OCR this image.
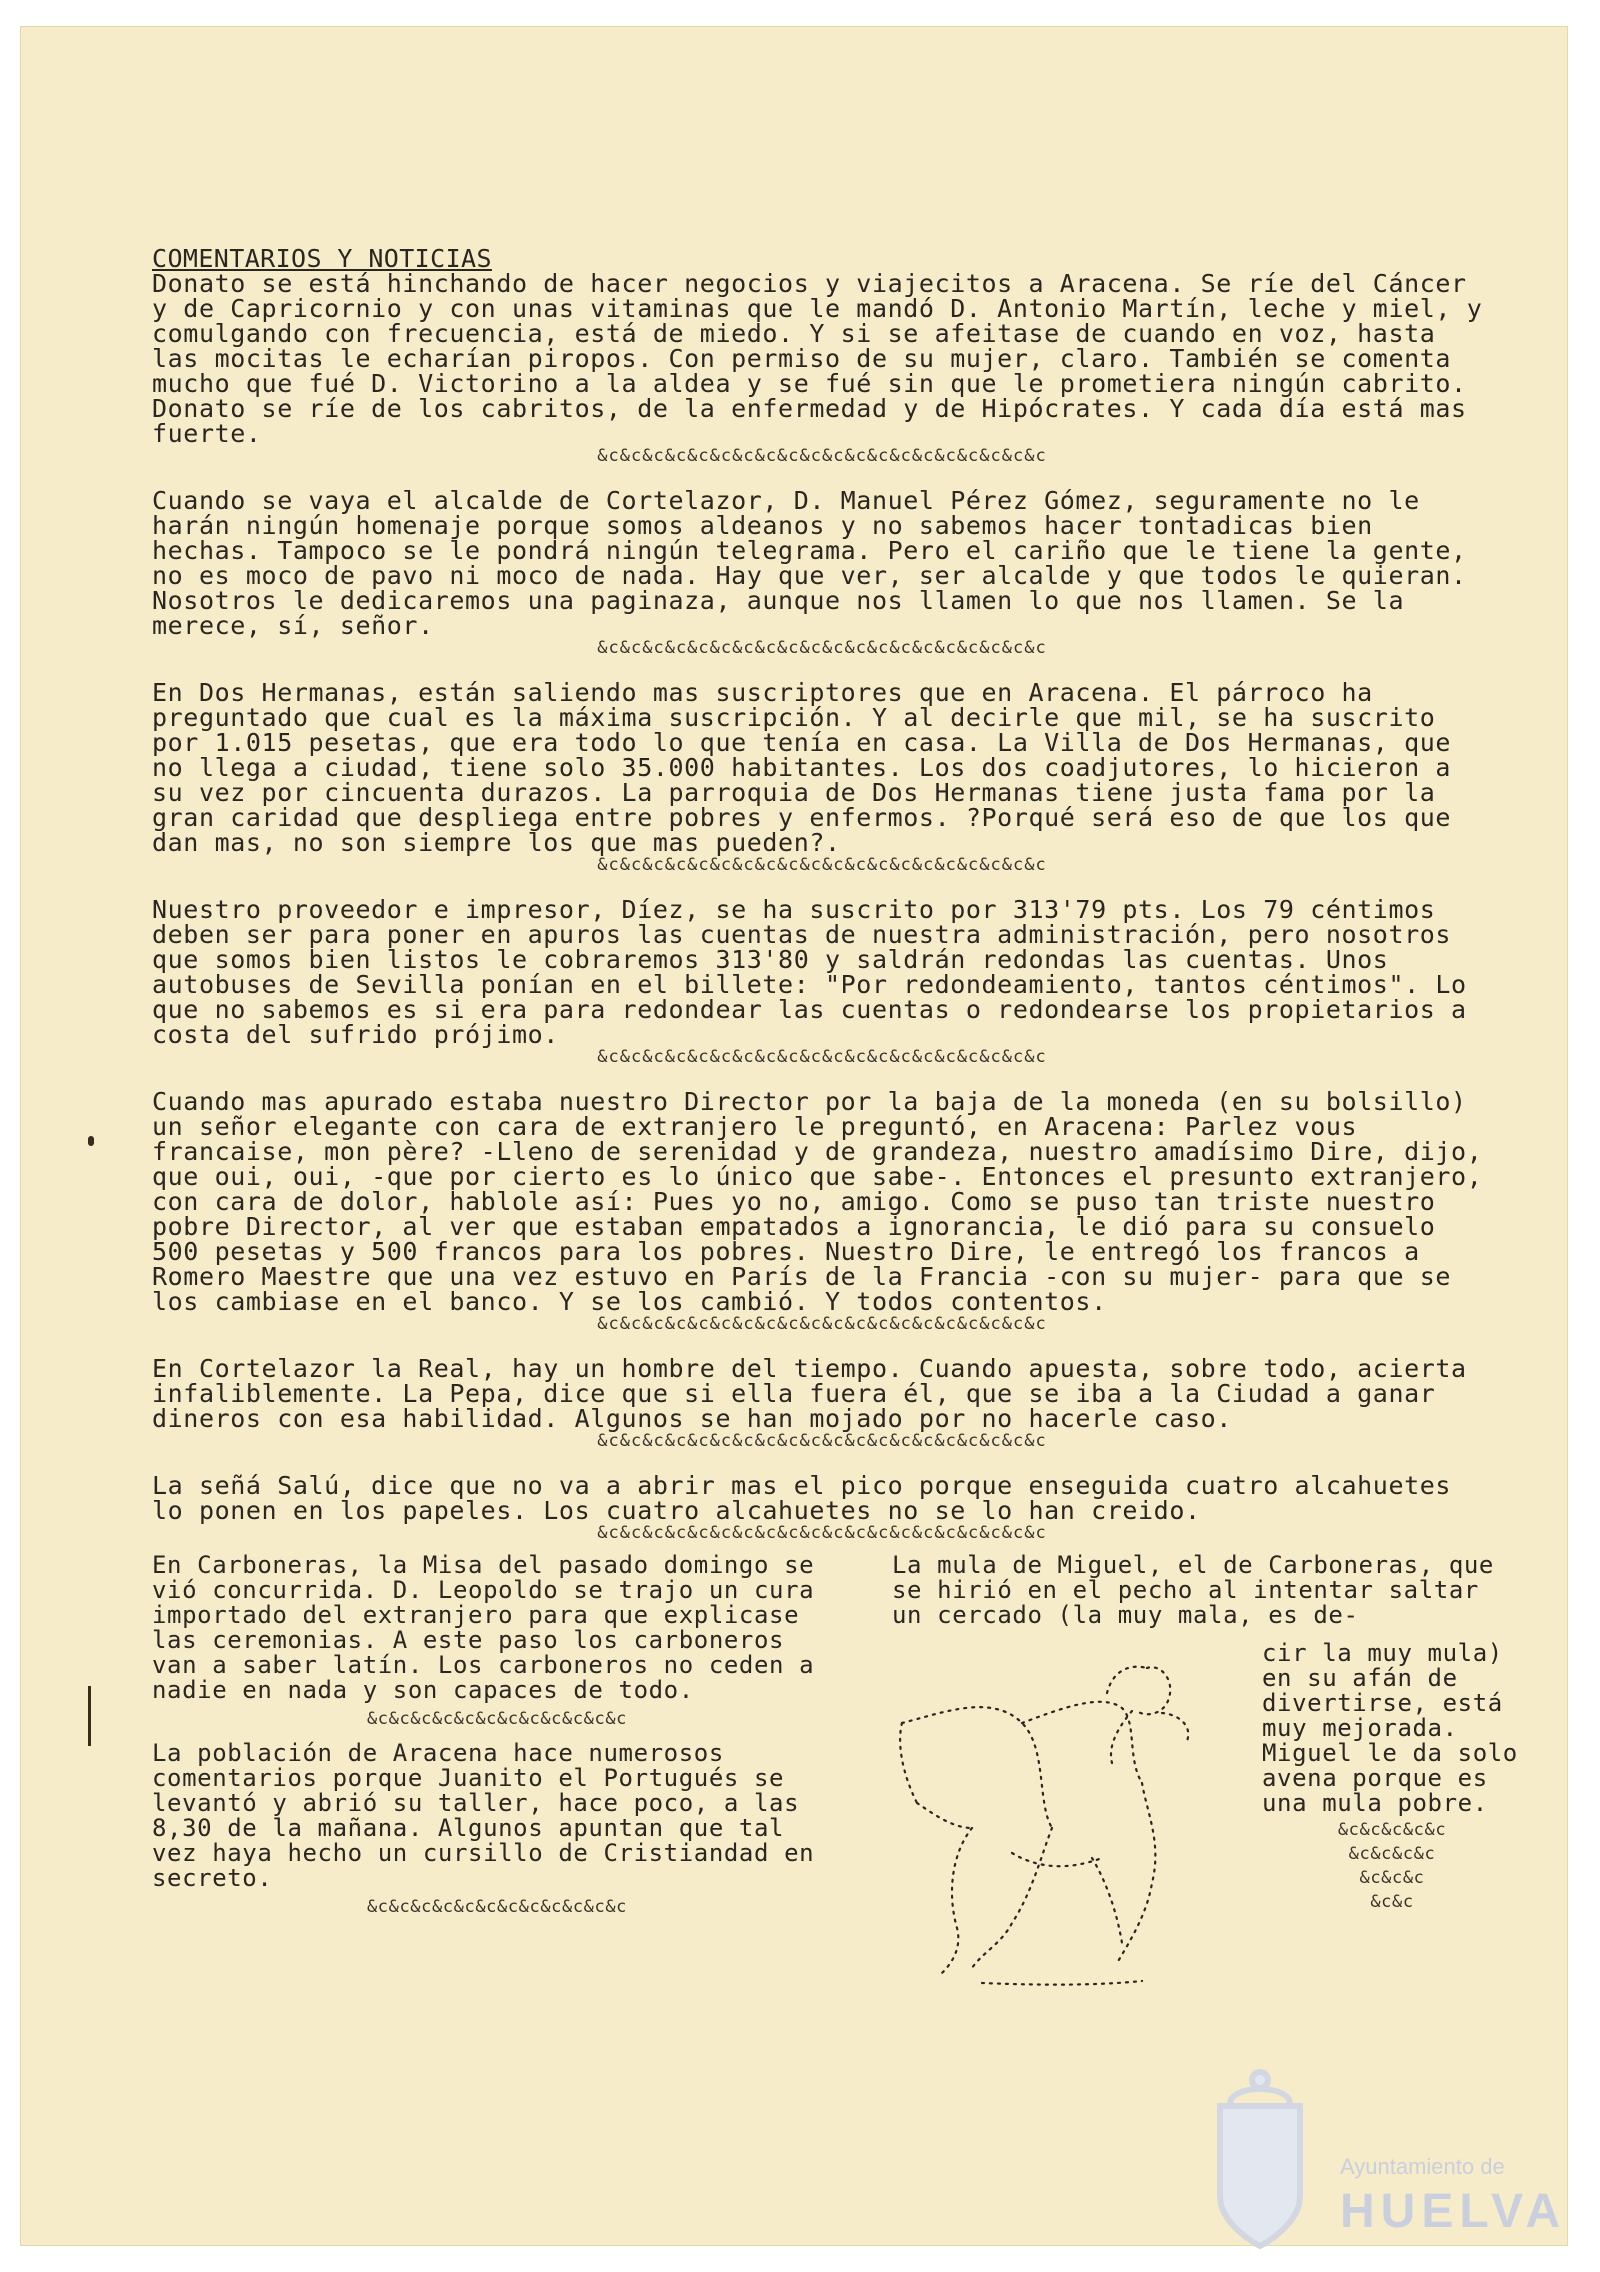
COMENTARIOS Y NOTICIAS

Donato se está hinchando de hacer negocios y viajecitos a Aracena. Se ríe del Cáncer y de Capricornio y con unas vitaminas que le mandó D. Antonio Martín, leche y miel, y comulgando con frecuencia, está de miedo. Y si se afeitase de cuando en voz, hasta las mocitas le echarían piropos. Con permiso de su mujer, claro. También se comenta mucho que fué D. Victorino a la aldea y se fué sin que le prometiera ningún cabrito. Donato se ríe de los cabritos, de la enfermedad y de Hipócrates. Y cada día está mas fuerte.

&c&c&c&c&c&c&c&c&c&c&c&c&c&c&c&c&c&c&c&c

Cuando se vaya el alcalde de Cortelazor, D. Manuel Pérez Gómez, seguramente no le harán ningún homenaje porque somos aldeanos y no sabemos hacer tontadicas bien hechas. Tampoco se le pondrá ningún telegrama. Pero el cariño que le tiene la gente, no es moco de pavo ni moco de nada. Hay que ver, ser alcalde y que todos le quieran. Nosotros le dedicaremos una paginaza, aunque nos llamen lo que nos llamen. Se la merece, sí, señor.

&c&c&c&c&c&c&c&c&c&c&c&c&c&c&c&c&c&c&c&c

En Dos Hermanas, están saliendo mas suscriptores que en Aracena. El párroco ha preguntado que cual es la máxima suscripción. Y al decirle que mil, se ha suscrito por 1.015 pesetas, que era todo lo que tenía en casa. La Villa de Dos Hermanas, que no llega a ciudad, tiene solo 35.000 habitantes. Los dos coadjutores, lo hicieron a su vez por cincuenta durazos. La parroquia de Dos Hermanas tiene justa fama por la gran caridad que despliega entre pobres y enfermos. ?Porqué será eso de que los que dan mas, no son siempre los que mas pueden?.

&c&c&c&c&c&c&c&c&c&c&c&c&c&c&c&c&c&c&c&c

Nuestro proveedor e impresor, Díez, se ha suscrito por 313'79 pts. Los 79 céntimos deben ser para poner en apuros las cuentas de nuestra administración, pero nosotros que somos bien listos le cobraremos 313'80 y saldrán redondas las cuentas. Unos autobuses de Sevilla ponían en el billete: "Por redondeamiento, tantos céntimos". Lo que no sabemos es si era para redondear las cuentas o redondearse los propietarios a costa del sufrido prójimo.

&c&c&c&c&c&c&c&c&c&c&c&c&c&c&c&c&c&c&c&c

Cuando mas apurado estaba nuestro Director por la baja de la moneda (en su bolsillo) un señor elegante con cara de extranjero le preguntó, en Aracena: Parlez vous francaise, mon père? -Lleno de serenidad y de grandeza, nuestro amadísimo Dire, dijo, que oui, oui, -que por cierto es lo único que sabe-. Entonces el presunto extranjero, con cara de dolor, hablole así: Pues yo no, amigo. Como se puso tan triste nuestro pobre Director, al ver que estaban empatados a ignorancia, le dió para su consuelo 500 pesetas y 500 francos para los pobres. Nuestro Dire, le entregó los francos a Romero Maestre que una vez estuvo en París de la Francia -con su mujer- para que se los cambiase en el banco. Y se los cambió. Y todos contentos.

&c&c&c&c&c&c&c&c&c&c&c&c&c&c&c&c&c&c&c&c

En Cortelazor la Real, hay un hombre del tiempo. Cuando apuesta, sobre todo, acierta infaliblemente. La Pepa, dice que si ella fuera él, que se iba a la Ciudad a ganar dineros con esa habilidad. Algunos se han mojado por no hacerle caso.

&c&c&c&c&c&c&c&c&c&c&c&c&c&c&c&c&c&c&c&c

La señá Salú, dice que no va a abrir mas el pico porque enseguida cuatro alcahuetes lo ponen en los papeles. Los cuatro alcahuetes no se lo han creido.

&c&c&c&c&c&c&c&c&c&c&c&c&c&c&c&c&c&c&c&c

En Carboneras, la Misa del pasado domingo se vió concurrida. D. Leopoldo se trajo un cura importado del extranjero para que explicase las ceremonias. A este paso los carboneros van a saber latín. Los carboneros no ceden a nadie en nada y son capaces de todo.

&c&c&c&c&c&c&c&c&c&c&c&c

La población de Aracena hace numerosos comentarios porque Juanito el Portugués se levantó y abrió su taller, hace poco, a las 8,30 de la mañana. Algunos apuntan que tal vez haya hecho un cursillo de Cristiandad en secreto.

&c&c&c&c&c&c&c&c&c&c&c&c

La mula de Miguel, el de Carboneras, que se hirió en el pecho al intentar saltar un cercado (la muy mala, es de-

cir la muy mula) en su afán de divertirse, está muy mejorada. Miguel le da solo avena porque es una mula pobre.

&c&c&c&c&c
&c&c&c&c
&c&c&c
&c&c
Ayuntamiento de
HUELVA
